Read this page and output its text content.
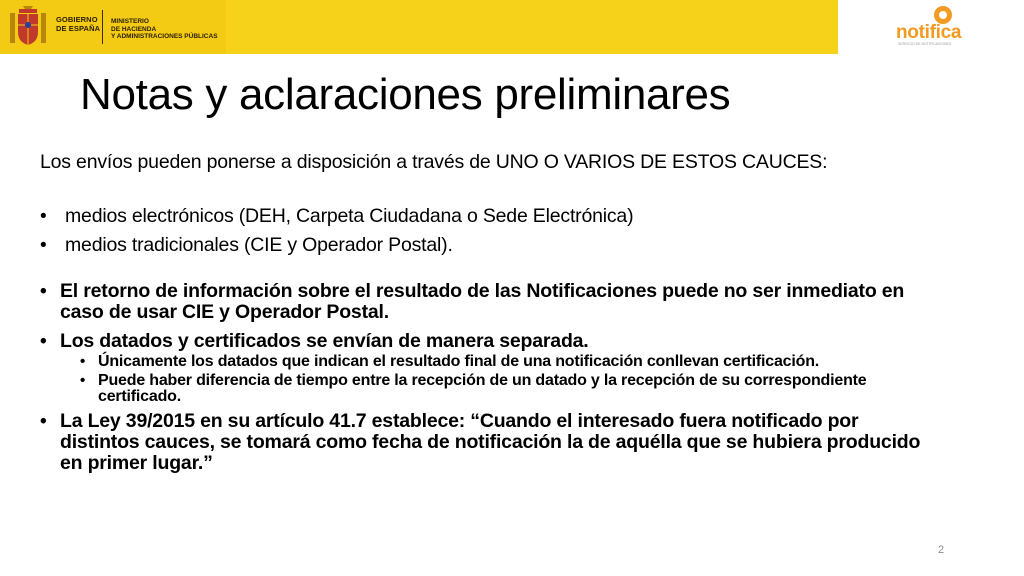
GOBIERNO
DE ESPAÑA
MINISTERIO
DE HACIENDA
Y ADMINISTRACIONES PÚBLICAS	notifica
SERVICIO DE NOTIFICACIONES
Notas y aclaraciones preliminares

Los envíos pueden ponerse a disposición a través de UNO O VARIOS DE ESTOS CAUCES:

• medios electrónicos (DEH, Carpeta Ciudadana o Sede Electrónica)
• medios tradicionales (CIE y Operador Postal).
• El retorno de información sobre el resultado de las Notificaciones puede no ser inmediato en caso de usar CIE y Operador Postal.
• Los datados y certificados se envían de manera separada.
• Únicamente los datados que indican el resultado final de una notificación conllevan certificación.
• Puede haber diferencia de tiempo entre la recepción de un datado y la recepción de su correspondiente certificado.
• La Ley 39/2015 en su artículo 41.7 establece: “Cuando el interesado fuera notificado por distintos cauces, se tomará como fecha de notificación la de aquélla que se hubiera producido en primer lugar.”
2
